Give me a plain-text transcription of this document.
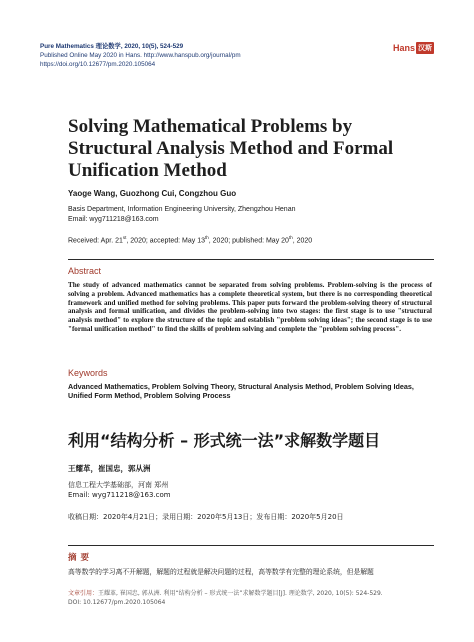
Pure Mathematics 理论数学, 2020, 10(5), 524-529
Published Online May 2020 in Hans. http://www.hanspub.org/journal/pm
https://doi.org/10.12677/pm.2020.105064
Hans 汉斯
Solving Mathematical Problems by Structural Analysis Method and Formal Unification Method
Yaoge Wang, Guozhong Cui, Congzhou Guo
Basis Department, Information Engineering University, Zhengzhou Henan
Email: wyg711218@163.com
Received: Apr. 21st, 2020; accepted: May 13th, 2020; published: May 20th, 2020
Abstract

The study of advanced mathematics cannot be separated from solving problems. Problem-solving is the process of solving a problem. Advanced mathematics has a complete theoretical system, but there is no corresponding theoretical framework and unified method for solving problems. This paper puts forward the problem-solving theory of structural analysis and formal unification, and divides the problem-solving into two stages: the first stage is to use "structural analysis method" to explore the structure of the topic and establish "problem solving ideas"; the second stage is to use "formal unification method" to find the skills of problem solving and complete the "problem solving process".

Keywords

Advanced Mathematics, Problem Solving Theory, Structural Analysis Method, Problem Solving Ideas, Unified Form Method, Problem Solving Process

利用“结构分析 – 形式统一法”求解数学题目
王耀革，崔国忠，郭从洲
信息工程大学基础部，河南 郑州
Email: wyg711218@163.com
收稿日期：2020年4月21日；录用日期：2020年5月13日；发布日期：2020年5月20日
摘要
高等数学的学习离不开解题，解题的过程就是解决问题的过程，高等数学有完整的理论系统，但是解题
文章引用：王耀革, 崔国忠, 郭从洲. 利用“结构分析 – 形式统一法”求解数学题目[J]. 理论数学, 2020, 10(5): 524-529.
DOI: 10.12677/pm.2020.105064
